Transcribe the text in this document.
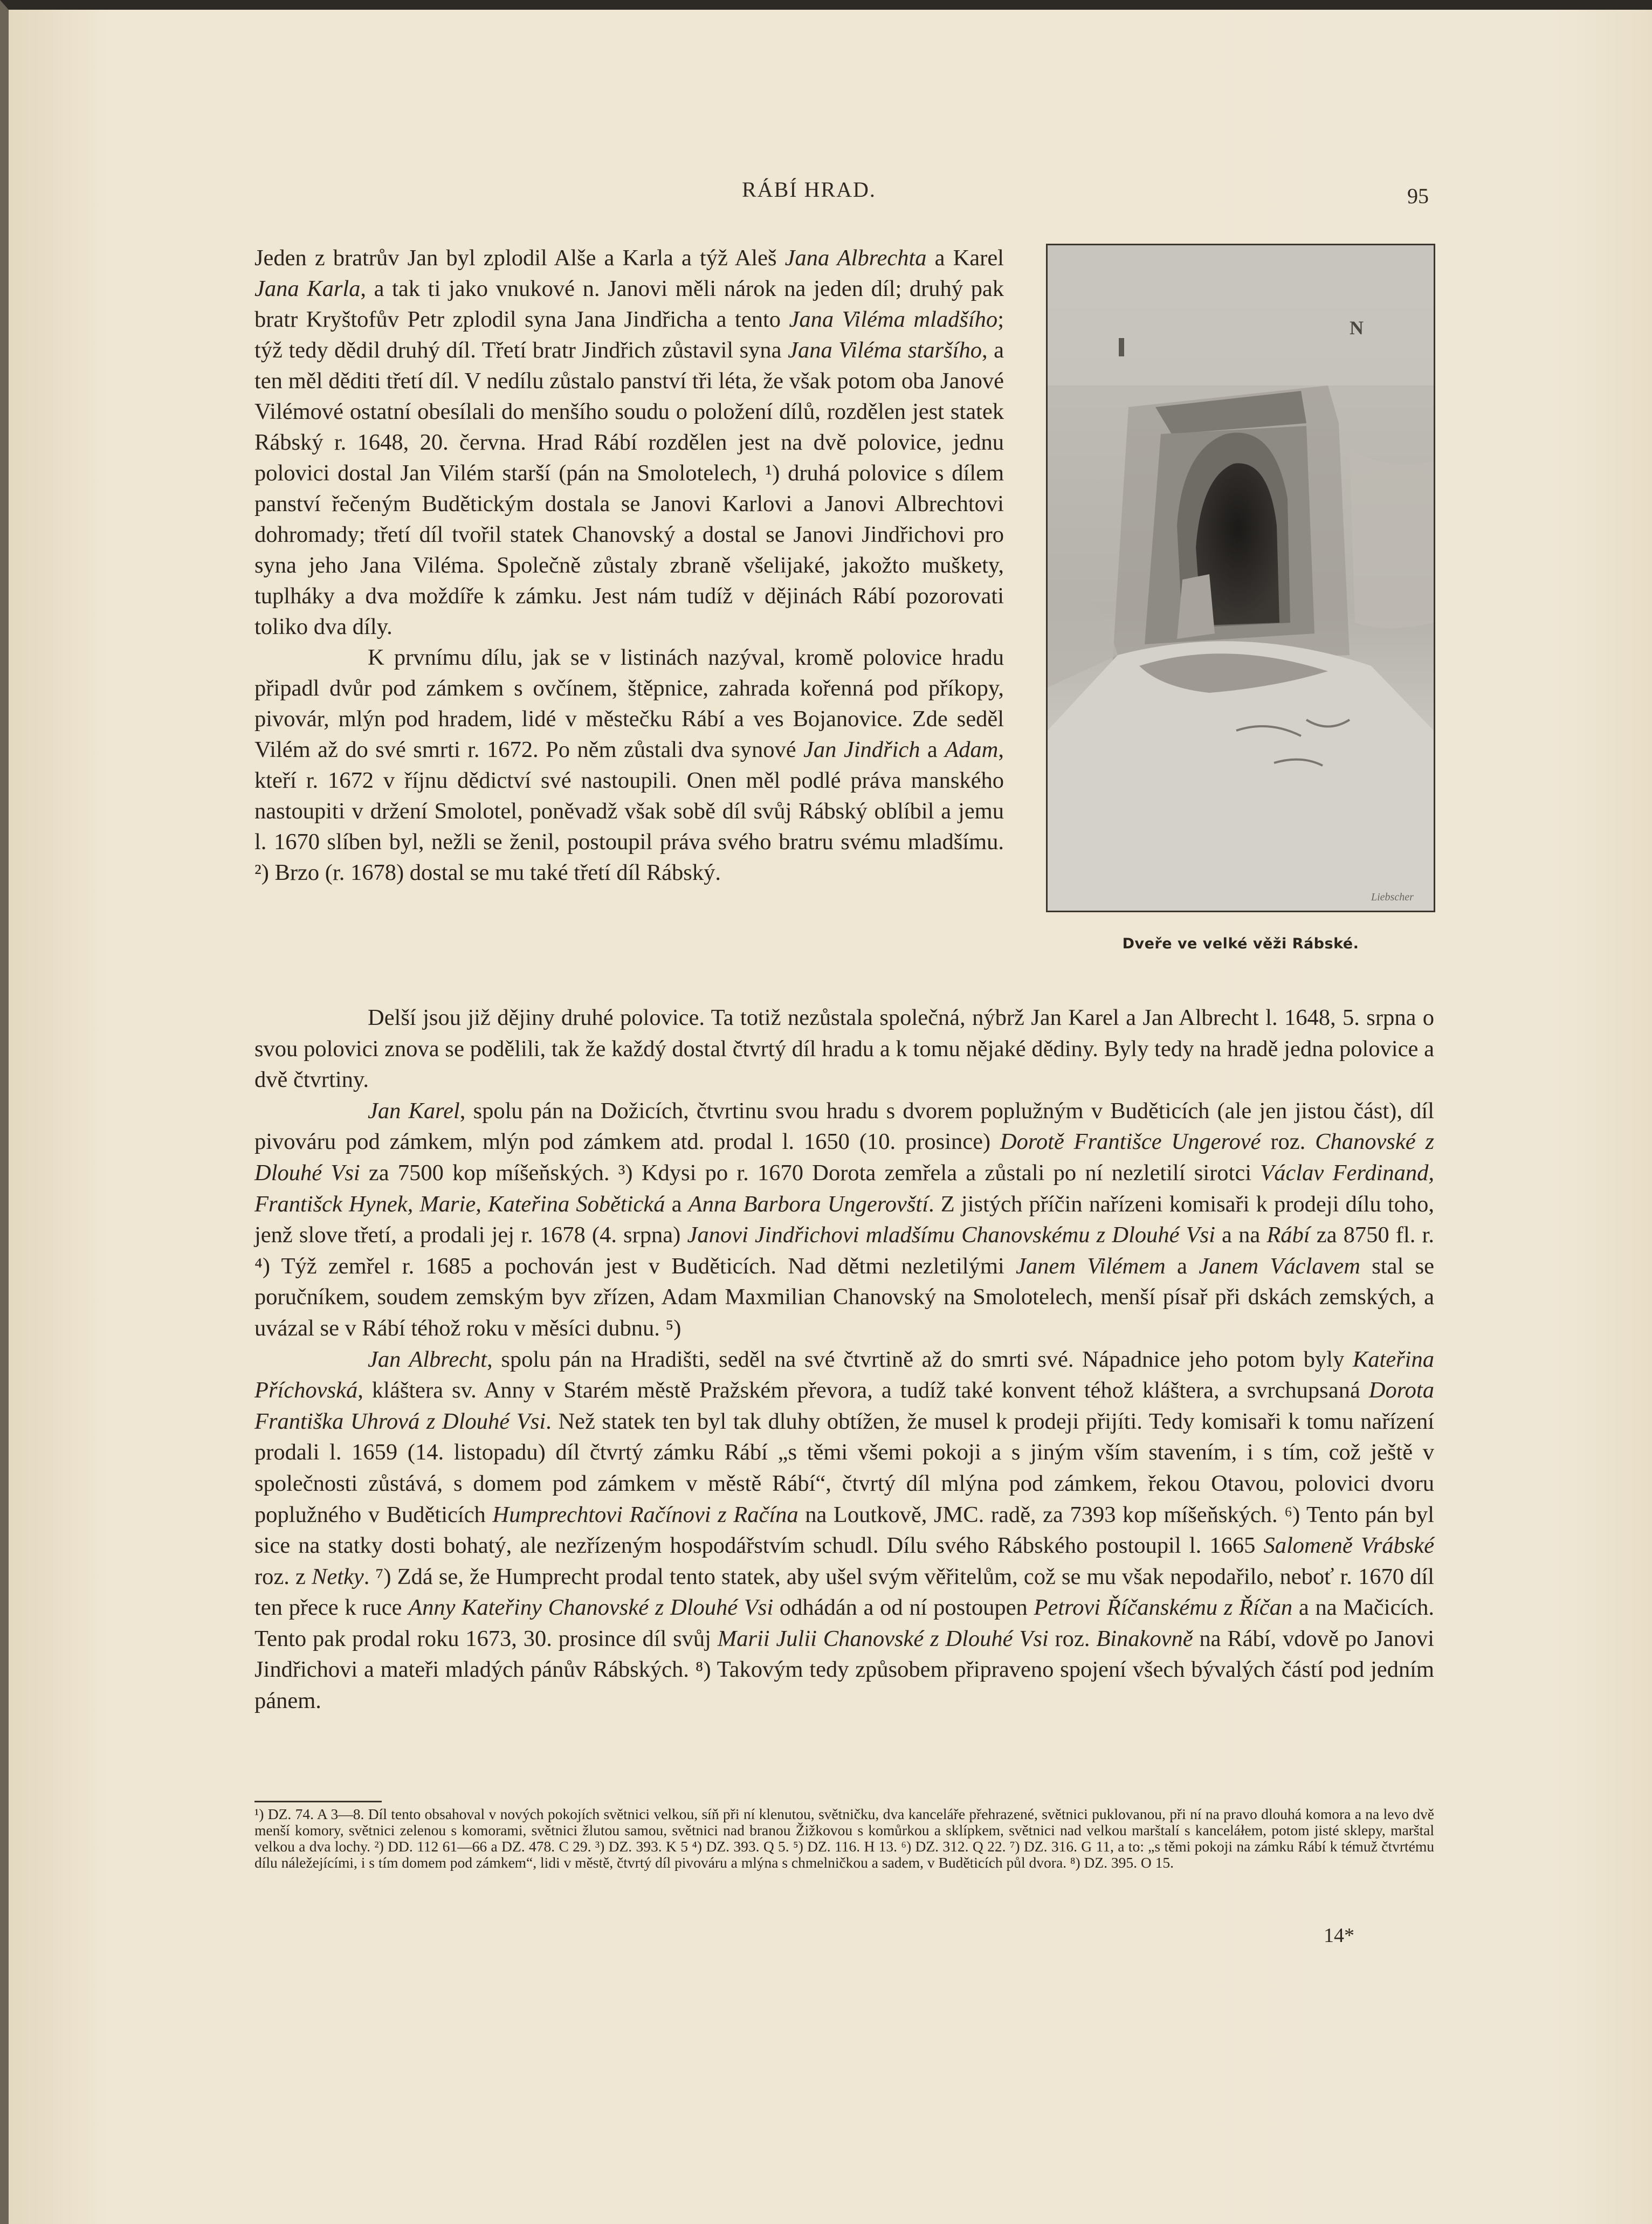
RÁBÍ HRAD.	95

Jeden z bratrův Jan byl zplodil Alše a Karla a týž Aleš Jana Albrechta a Karel Jana Karla, a tak ti jako vnukové n. Janovi měli nárok na jeden díl; druhý pak bratr Kryštofův Petr zplodil syna Jana Jindřicha a tento Jana Viléma mladšího; týž tedy dědil druhý díl. Třetí bratr Jindřich zůstavil syna Jana Viléma staršího, a ten měl děditi třetí díl. V nedílu zůstalo panství tři léta, že však potom oba Janové Vilémové ostatní obesílali do menšího soudu o položení dílů, rozdělen jest statek Rábský r. 1648, 20. června. Hrad Rábí rozdělen jest na dvě polovice, jednu polovici dostal Jan Vilém starší (pán na Smolotelech, ¹) druhá polovice s dílem panství řečeným Budětickým dostala se Janovi Karlovi a Janovi Albrechtovi dohromady; třetí díl tvořil statek Chanovský a dostal se Janovi Jindřichovi pro syna jeho Jana Viléma. Společně zůstaly zbraně všelijaké, jakožto muškety, tuplháky a dva moždíře k zámku. Jest nám tudíž v dějinách Rábí pozorovati toliko dva díly.

K prvnímu dílu, jak se v listinách nazýval, kromě polovice hradu připadl dvůr pod zámkem s ovčínem, štěpnice, zahrada kořenná pod příkopy, pivovár, mlýn pod hradem, lidé v městečku Rábí a ves Bojanovice. Zde seděl Vilém až do své smrti r. 1672. Po něm zůstali dva synové Jan Jindřich a Adam, kteří r. 1672 v říjnu dědictví své nastoupili. Onen měl podlé práva manského nastoupiti v držení Smolotel, poněvadž však sobě díl svůj Rábský oblíbil a jemu l. 1670 slíben byl, nežli se ženil, postoupil práva svého bratru svému mladšímu. ²) Brzo (r. 1678) dostal se mu také třetí díl Rábský.

N
Liebscher
Dveře ve velké věži Rábské.

Delší jsou již dějiny druhé polovice. Ta totiž nezůstala společná, nýbrž Jan Karel a Jan Albrecht l. 1648, 5. srpna o svou polovici znova se podělili, tak že každý dostal čtvrtý díl hradu a k tomu nějaké dědiny. Byly tedy na hradě jedna polovice a dvě čtvrtiny.

Jan Karel, spolu pán na Dožicích, čtvrtinu svou hradu s dvorem poplužným v Buděticích (ale jen jistou část), díl pivováru pod zámkem, mlýn pod zámkem atd. prodal l. 1650 (10. prosince) Dorotě Františce Ungerové roz. Chanovské z Dlouhé Vsi za 7500 kop míšeňských. ³) Kdysi po r. 1670 Dorota zemřela a zůstali po ní nezletilí sirotci Václav Ferdinand, Františck Hynek, Marie, Kateřina Sobětická a Anna Barbora Ungerovští. Z jistých příčin nařízeni komisaři k prodeji dílu toho, jenž slove třetí, a prodali jej r. 1678 (4. srpna) Janovi Jindřichovi mladšímu Chanovskému z Dlouhé Vsi a na Rábí za 8750 fl. r. ⁴) Týž zemřel r. 1685 a pochován jest v Buděticích. Nad dětmi nezletilými Janem Vilémem a Janem Václavem stal se poručníkem, soudem zemským byv zřízen, Adam Maxmilian Chanovský na Smolotelech, menší písař při dskách zemských, a uvázal se v Rábí téhož roku v měsíci dubnu. ⁵)

Jan Albrecht, spolu pán na Hradišti, seděl na své čtvrtině až do smrti své. Nápadnice jeho potom byly Kateřina Příchovská, kláštera sv. Anny v Starém městě Pražském převora, a tudíž také konvent téhož kláštera, a svrchupsaná Dorota Františka Uhrová z Dlouhé Vsi. Než statek ten byl tak dluhy obtížen, že musel k prodeji přijíti. Tedy komisaři k tomu nařízení prodali l. 1659 (14. listopadu) díl čtvrtý zámku Rábí „s těmi všemi pokoji a s jiným vším stavením, i s tím, což ještě v společnosti zůstává, s domem pod zámkem v městě Rábí“, čtvrtý díl mlýna pod zámkem, řekou Otavou, polovici dvoru poplužného v Buděticích Humprechtovi Račínovi z Račína na Loutkově, JMC. radě, za 7393 kop míšeňských. ⁶) Tento pán byl sice na statky dosti bohatý, ale nezřízeným hospodářstvím schudl. Dílu svého Rábského postoupil l. 1665 Salomeně Vrábské roz. z Netky. ⁷) Zdá se, že Humprecht prodal tento statek, aby ušel svým věřitelům, což se mu však nepodařilo, neboť r. 1670 díl ten přece k ruce Anny Kateřiny Chanovské z Dlouhé Vsi odhádán a od ní postoupen Petrovi Říčanskému z Říčan a na Mačicích. Tento pak prodal roku 1673, 30. prosince díl svůj Marii Julii Chanovské z Dlouhé Vsi roz. Binakovně na Rábí, vdově po Janovi Jindřichovi a mateři mladých pánův Rábských. ⁸) Takovým tedy způsobem připraveno spojení všech bývalých částí pod jedním pánem.

¹) DZ. 74. A 3—8. Díl tento obsahoval v nových pokojích světnici velkou, síň při ní klenutou, světničku, dva kanceláře přehrazené, světnici puklovanou, při ní na pravo dlouhá komora a na levo dvě menší komory, světnici zelenou s komorami, světnici žlutou samou, světnici nad branou Žižkovou s komůrkou a sklípkem, světnici nad velkou marštalí s kanceláłem, potom jisté sklepy, marštal velkou a dva lochy. ²) DD. 112 61—66 a DZ. 478. C 29. ³) DZ. 393. K 5 ⁴) DZ. 393. Q 5. ⁵) DZ. 116. H 13. ⁶) DZ. 312. Q 22. ⁷) DZ. 316. G 11, a to: „s těmi pokoji na zámku Rábí k témuž čtvrtému dílu náležejícími, i s tím domem pod zámkem“, lidi v městě, čtvrtý díl pivováru a mlýna s chmelničkou a sadem, v Buděticích půl dvora. ⁸) DZ. 395. O 15.
14*
